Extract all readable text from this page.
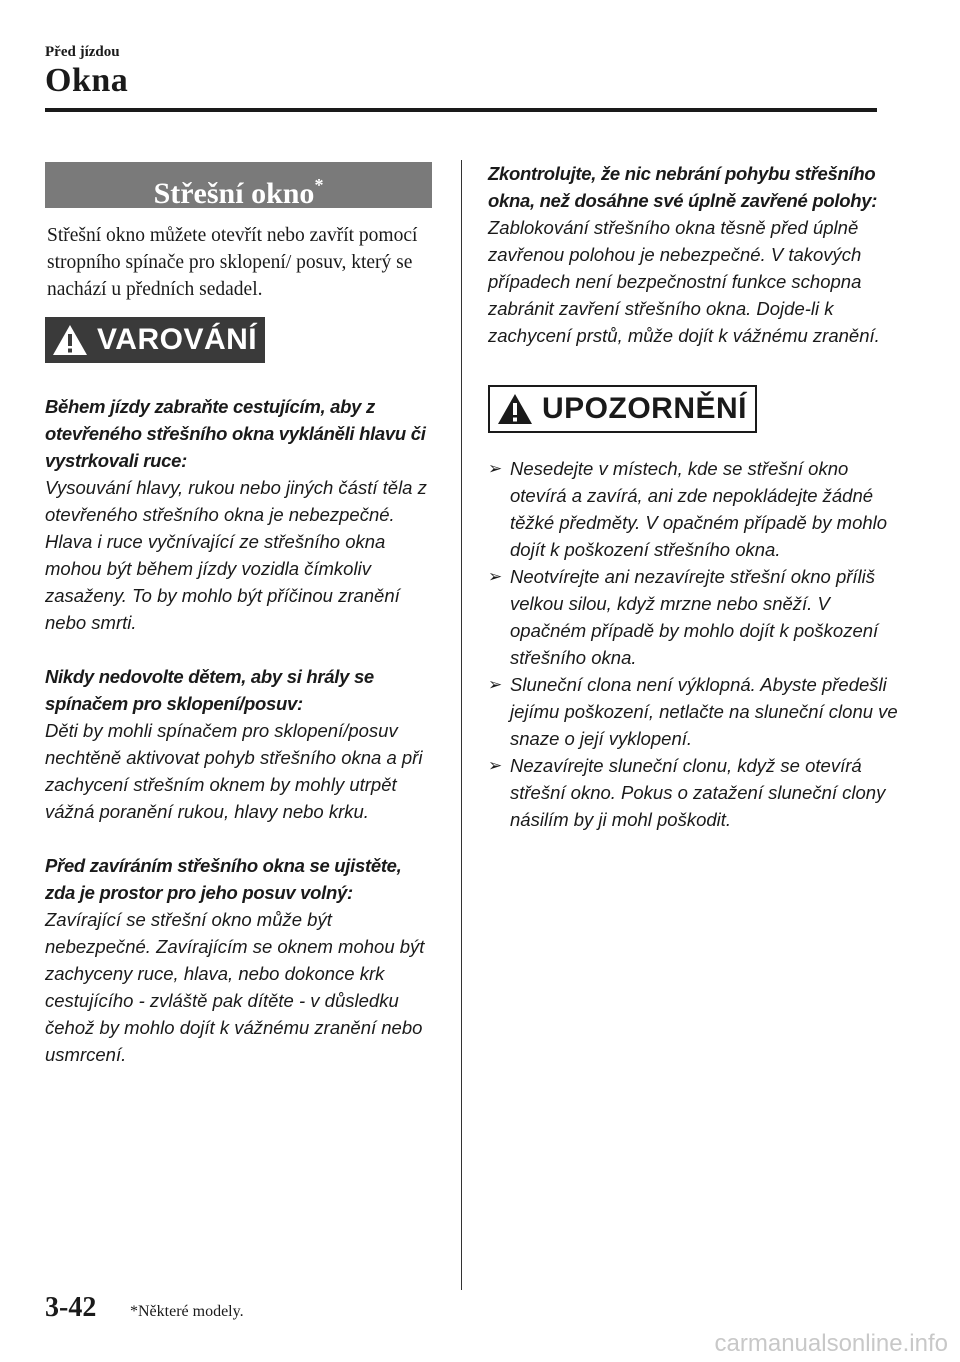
Před jízdou
Okna
Střešní okno*

Střešní okno můžete otevřít nebo zavřít pomocí stropního spínače pro sklopení/ posuv, který se nachází u předních sedadel.

VAROVÁNÍ

Během jízdy zabraňte cestujícím, aby z otevřeného střešního okna vykláněli hlavu či vystrkovali ruce:
Vysouvání hlavy, rukou nebo jiných částí těla z otevřeného střešního okna je nebezpečné. Hlava i ruce vyčnívající ze střešního okna mohou být během jízdy vozidla čímkoliv zasaženy. To by mohlo být příčinou zranění nebo smrti.

Nikdy nedovolte dětem, aby si hrály se spínačem pro sklopení/posuv:
Děti by mohli spínačem pro sklopení/posuv nechtěně aktivovat pohyb střešního okna a při zachycení střešním oknem by mohly utrpět vážná poranění rukou, hlavy nebo krku.

Před zavíráním střešního okna se ujistěte, zda je prostor pro jeho posuv volný:
Zavírající se střešní okno může být nebezpečné. Zavírajícím se oknem mohou být zachyceny ruce, hlava, nebo dokonce krk cestujícího - zvláště pak dítěte - v důsledku čehož by mohlo dojít k vážnému zranění nebo usmrcení.

Zkontrolujte, že nic nebrání pohybu střešního okna, než dosáhne své úplně zavřené polohy:
Zablokování střešního okna těsně před úplně zavřenou polohou je nebezpečné. V takových případech není bezpečnostní funkce schopna zabránit zavření střešního okna. Dojde-li k zachycení prstů, může dojít k vážnému zranění.

UPOZORNĚNÍ
➢ Nesedejte v místech, kde se střešní okno otevírá a zavírá, ani zde nepokládejte žádné těžké předměty. V opačném případě by mohlo dojít k poškození střešního okna.
➢ Neotvírejte ani nezavírejte střešní okno příliš velkou silou, když mrzne nebo sněží. V opačném případě by mohlo dojít k poškození střešního okna.
➢ Sluneční clona není výklopná. Abyste předešli jejímu poškození, netlačte na sluneční clonu ve snaze o její vyklopení.
➢ Nezavírejte sluneční clonu, když se otevírá střešní okno. Pokus o zatažení sluneční clony násilím by ji mohl poškodit.
3-42 *Některé modely.
carmanualsonline.info
